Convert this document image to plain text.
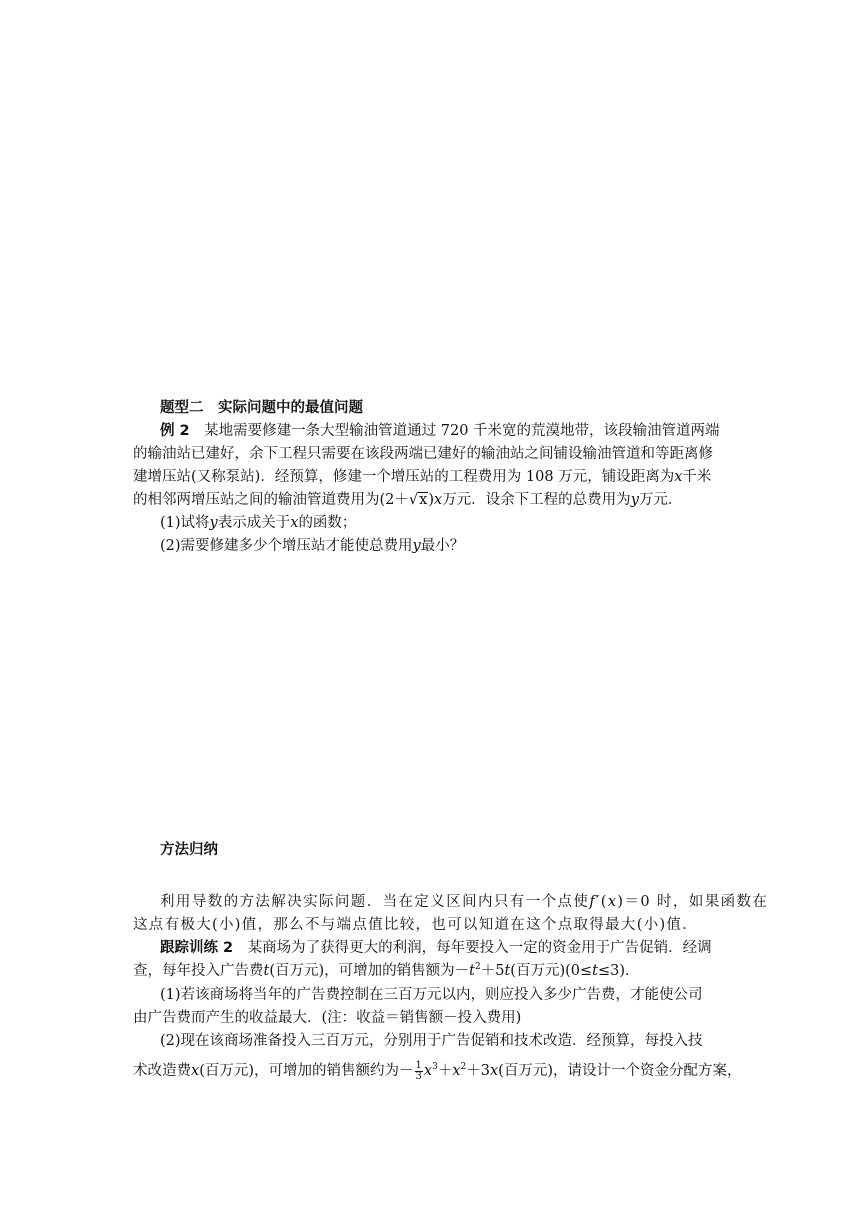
题型二　实际问题中的最值问题
例 2　 某地需要修建一条大型输油管道通过 720 千米宽的荒漠地带，该段输油管道两端
的输油站已建好，余下工程只需要在该段两端已建好的输油站之间铺设输油管道和等距离修
建增压站(又称泵站)．经预算，修建一个增压站的工程费用为 108 万元，铺设距离为x千米
的相邻两增压站之间的输油管道费用为(2＋√x)x万元．设余下工程的总费用为y万元．
(1)试将y表示成关于x的函数；
(2)需要修建多少个增压站才能使总费用y最小？
方法归纳
利用导数的方法解决实际问题．当在定义区间内只有一个点使f′(x)＝0 时，如果函数在
这点有极大(小)值，那么不与端点值比较，也可以知道在这个点取得最大(小)值．
跟踪训练 2　 某商场为了获得更大的利润，每年要投入一定的资金用于广告促销．经调
查，每年投入广告费t(百万元)，可增加的销售额为$-t^2+5t$(百万元)(0≤t≤3)．
(1)若该商场将当年的广告费控制在三百万元以内，则应投入多少广告费，才能使公司
由广告费而产生的收益最大．(注：收益＝销售额－投入费用)
(2)现在该商场准备投入三百万元，分别用于广告促销和技术改造．经预算，每投入技
术改造费x(百万元)，可增加的销售额约为－ $\frac{1}{3} x^3+x^2+3x$(百万元)，请设计一个资金分配方案，
